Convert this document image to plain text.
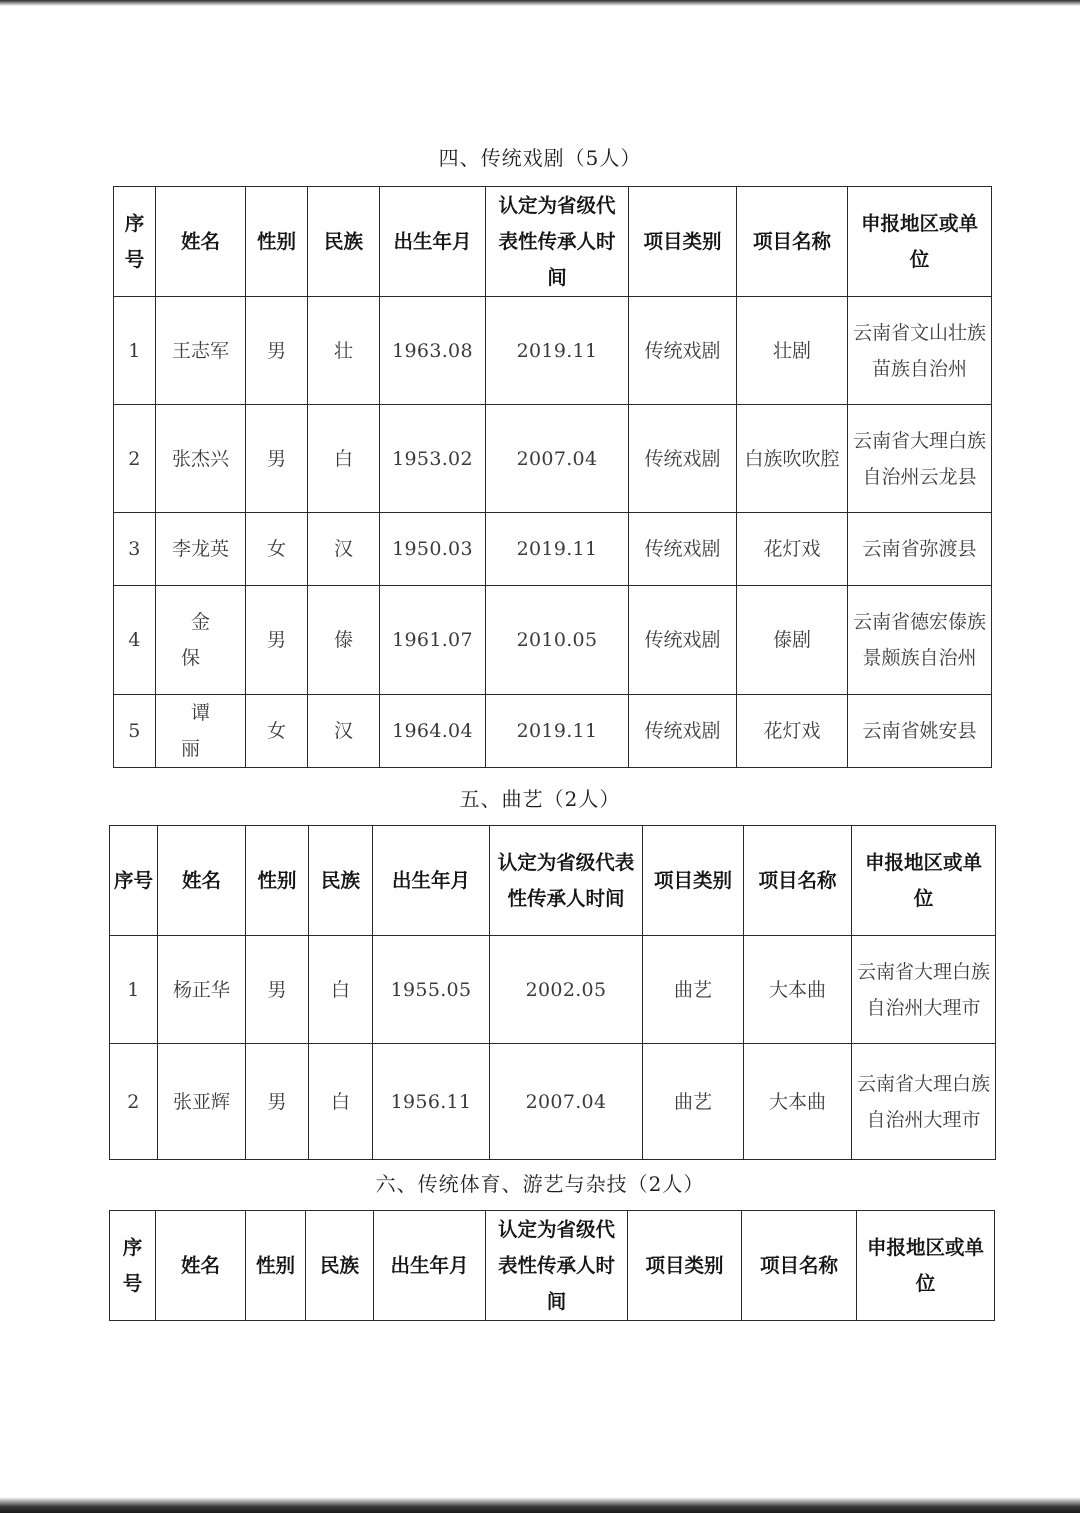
四、传统戏剧（5人）
序号	姓名	性别	民族	出生年月	认定为省级代表性传承人时间	项目类别	项目名称	申报地区或单位
1	王志军	男	壮	1963.08	2019.11	传统戏剧	壮剧	云南省文山壮族苗族自治州
2	张杰兴	男	白	1953.02	2007.04	传统戏剧	白族吹吹腔	云南省大理白族自治州云龙县
3	李龙英	女	汉	1950.03	2019.11	传统戏剧	花灯戏	云南省弥渡县
4	金保	男	傣	1961.07	2010.05	传统戏剧	傣剧	云南省德宏傣族景颇族自治州
5	谭丽	女	汉	1964.04	2019.11	传统戏剧	花灯戏	云南省姚安县
五、曲艺（2人）
序号	姓名	性别	民族	出生年月	认定为省级代表性传承人时间	项目类别	项目名称	申报地区或单位
1	杨正华	男	白	1955.05	2002.05	曲艺	大本曲	云南省大理白族自治州大理市
2	张亚辉	男	白	1956.11	2007.04	曲艺	大本曲	云南省大理白族自治州大理市
六、传统体育、游艺与杂技（2人）
序号	姓名	性别	民族	出生年月	认定为省级代表性传承人时间	项目类别	项目名称	申报地区或单位
